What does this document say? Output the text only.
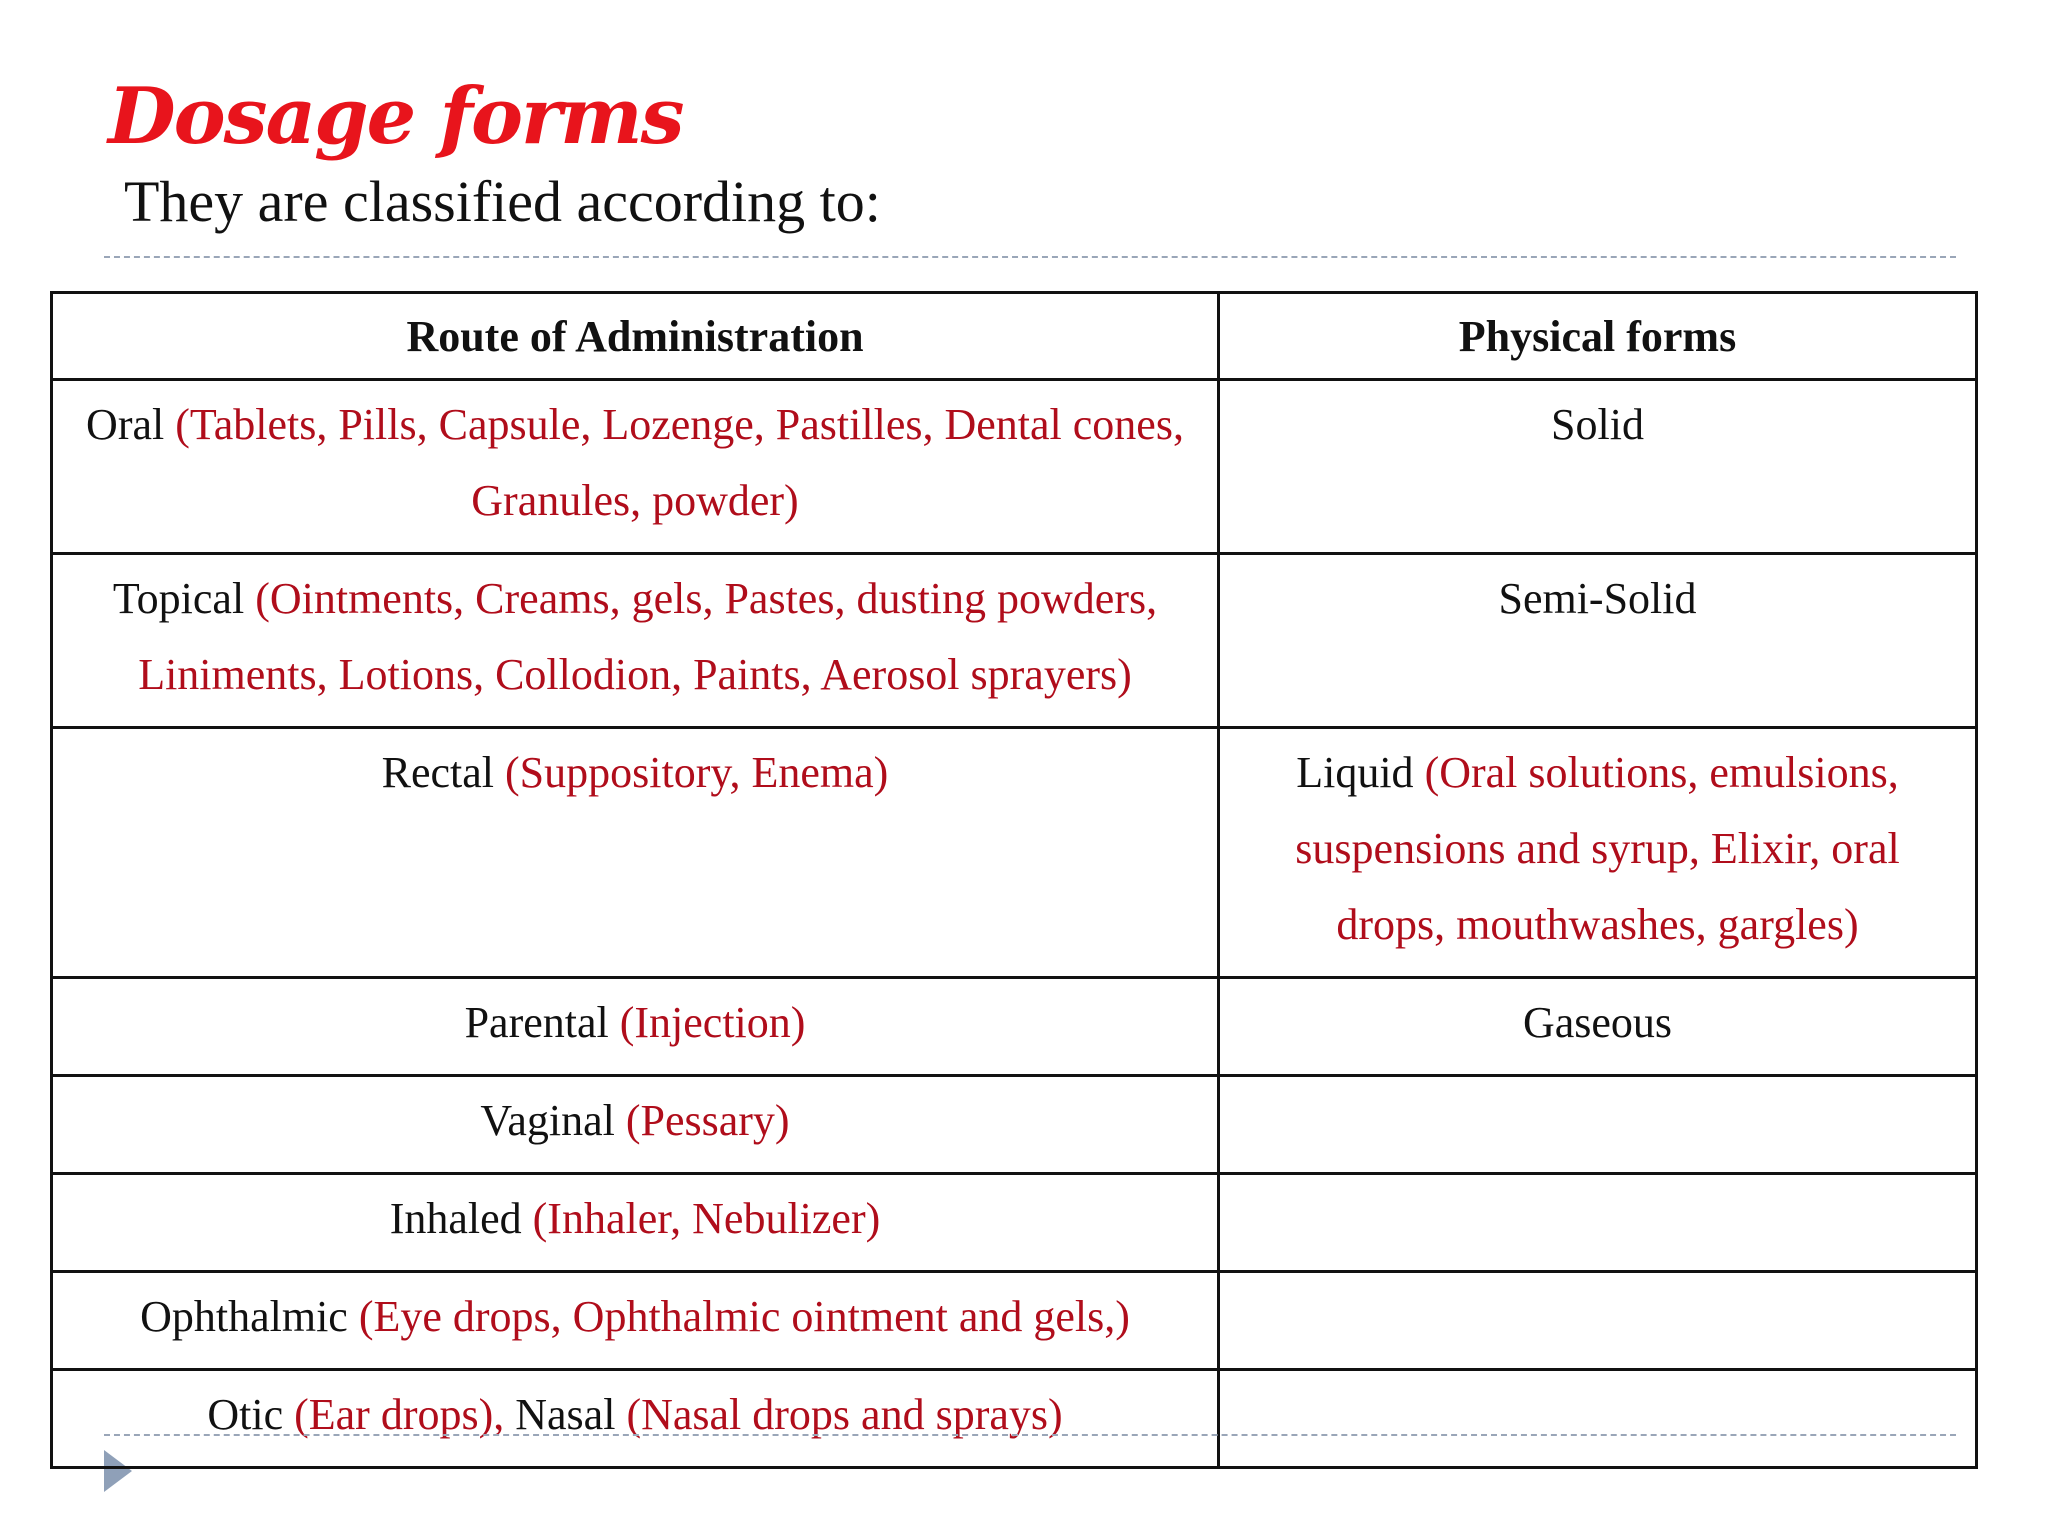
Dosage forms
They are classified according to:
Route of Administration	Physical forms
Oral (Tablets, Pills, Capsule, Lozenge, Pastilles, Dental cones, Granules, powder)	Solid
Topical (Ointments, Creams, gels, Pastes, dusting powders, Liniments, Lotions, Collodion, Paints, Aerosol sprayers)	Semi-Solid
Rectal (Suppository, Enema)	Liquid (Oral solutions, emulsions, suspensions and syrup, Elixir, oral drops, mouthwashes, gargles)
Parental (Injection)	Gaseous
Vaginal (Pessary)	
Inhaled (Inhaler, Nebulizer)	
Ophthalmic (Eye drops, Ophthalmic ointment and gels,)	
Otic (Ear drops), Nasal (Nasal drops and sprays)	
